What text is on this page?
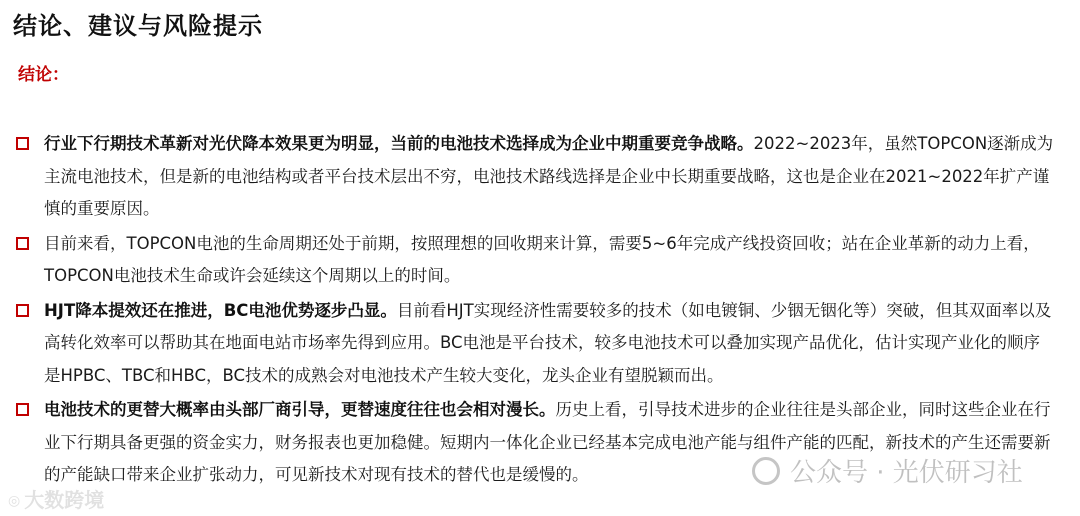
结论、建议与风险提示
结论：
行业下行期技术革新对光伏降本效果更为明显，当前的电池技术选择成为企业中期重要竞争战略。2022~2023年，虽然TOPCON逐渐成为主流电池技术，但是新的电池结构或者平台技术层出不穷，电池技术路线选择是企业中长期重要战略，这也是企业在2021~2022年扩产谨慎的重要原因。
目前来看，TOPCON电池的生命周期还处于前期，按照理想的回收期来计算，需要5~6年完成产线投资回收；站在企业革新的动力上看，TOPCON电池技术生命或许会延续这个周期以上的时间。
HJT降本提效还在推进，BC电池优势逐步凸显。目前看HJT实现经济性需要较多的技术（如电镀铜、少铟无铟化等）突破，但其双面率以及高转化效率可以帮助其在地面电站市场率先得到应用。BC电池是平台技术，较多电池技术可以叠加实现产品优化，估计实现产业化的顺序是HPBC、TBC和HBC，BC技术的成熟会对电池技术产生较大变化，龙头企业有望脱颖而出。
电池技术的更替大概率由头部厂商引导，更替速度往往也会相对漫长。历史上看，引导技术进步的企业往往是头部企业，同时这些企业在行业下行期具备更强的资金实力，财务报表也更加稳健。短期内一体化企业已经基本完成电池产能与组件产能的匹配，新技术的产生还需要新的产能缺口带来企业扩张动力，可见新技术对现有技术的替代也是缓慢的。	公众号 · 光伏研习社
◎ 大数跨境
